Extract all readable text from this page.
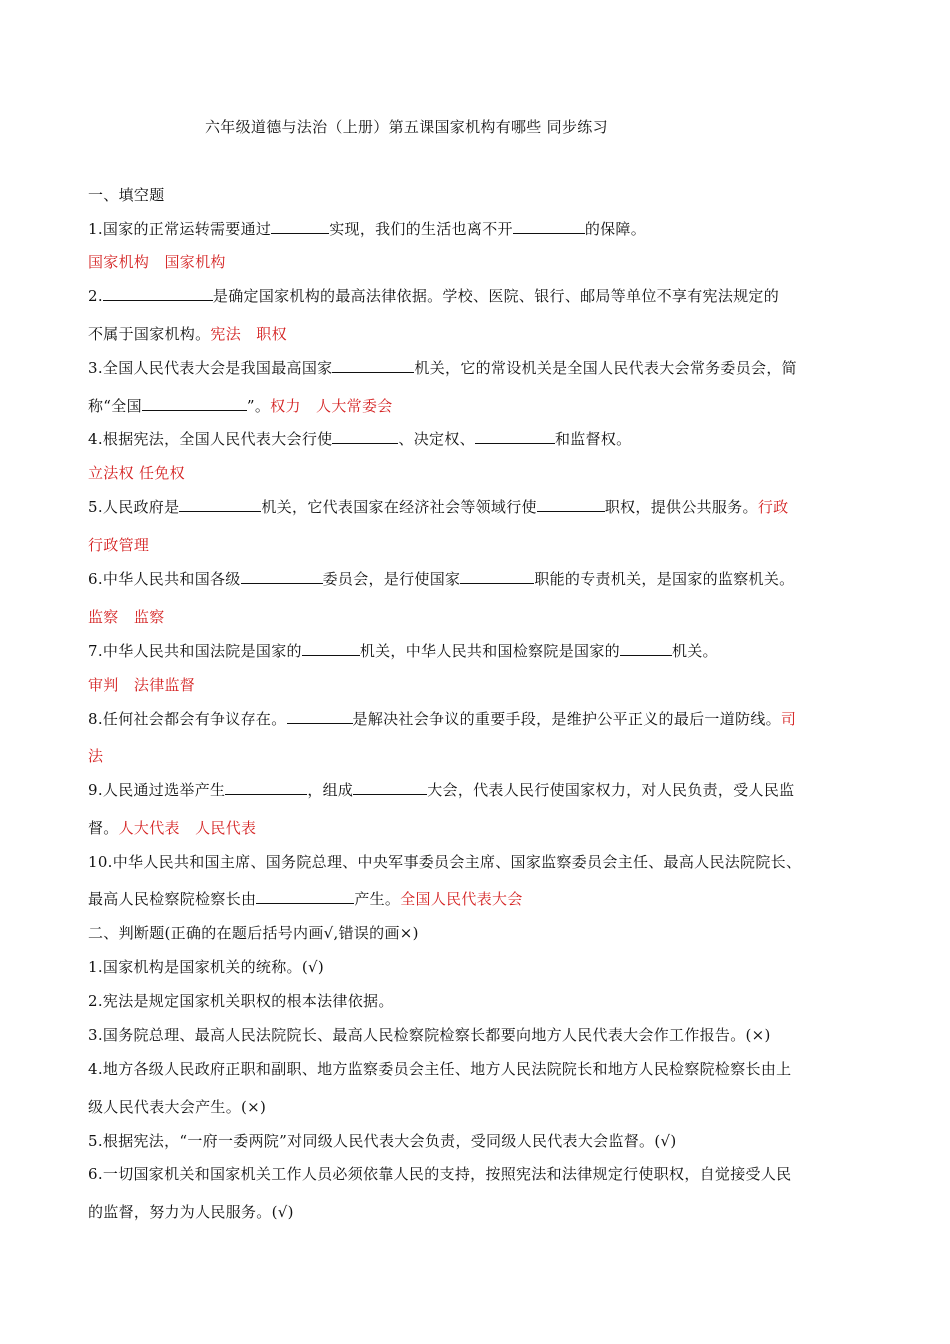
六年级道德与法治（上册）第五课国家机构有哪些 同步练习
一、填空题
1.国家的正常运转需要通过	实现，我们的生活也离不开	的保障。
国家机构　国家机构
2.	是确定国家机构的最高法律依据。学校、医院、银行、邮局等单位不享有宪法规定的
不属于国家机构。宪法　职权
3.全国人民代表大会是我国最高国家	机关，它的常设机关是全国人民代表大会常务委员会，简
称“全国	”。权力　人大常委会
4.根据宪法，全国人民代表大会行使	、决定权、	和监督权。
立法权 任免权
5.人民政府是	机关，它代表国家在经济社会等领域行使	职权，提供公共服务。行政
行政管理
6.中华人民共和国各级	委员会，是行使国家	职能的专责机关，是国家的监察机关。
监察　监察
7.中华人民共和国法院是国家的	机关，中华人民共和国检察院是国家的	机关。
审判　法律监督
8.任何社会都会有争议存在。	是解决社会争议的重要手段，是维护公平正义的最后一道防线。司
法
9.人民通过选举产生	，组成	大会，代表人民行使国家权力，对人民负责，受人民监
督。人大代表　人民代表
10.中华人民共和国主席、国务院总理、中央军事委员会主席、国家监察委员会主任、最高人民法院院长、
最高人民检察院检察长由	产生。全国人民代表大会
二、判断题(正确的在题后括号内画√,错误的画×)
1.国家机构是国家机关的统称。(√)
2.宪法是规定国家机关职权的根本法律依据。
3.国务院总理、最高人民法院院长、最高人民检察院检察长都要向地方人民代表大会作工作报告。(×)
4.地方各级人民政府正职和副职、地方监察委员会主任、地方人民法院院长和地方人民检察院检察长由上
级人民代表大会产生。(×)
5.根据宪法，“一府一委两院”对同级人民代表大会负责，受同级人民代表大会监督。(√)
6.一切国家机关和国家机关工作人员必须依靠人民的支持，按照宪法和法律规定行使职权，自觉接受人民
的监督，努力为人民服务。(√)
